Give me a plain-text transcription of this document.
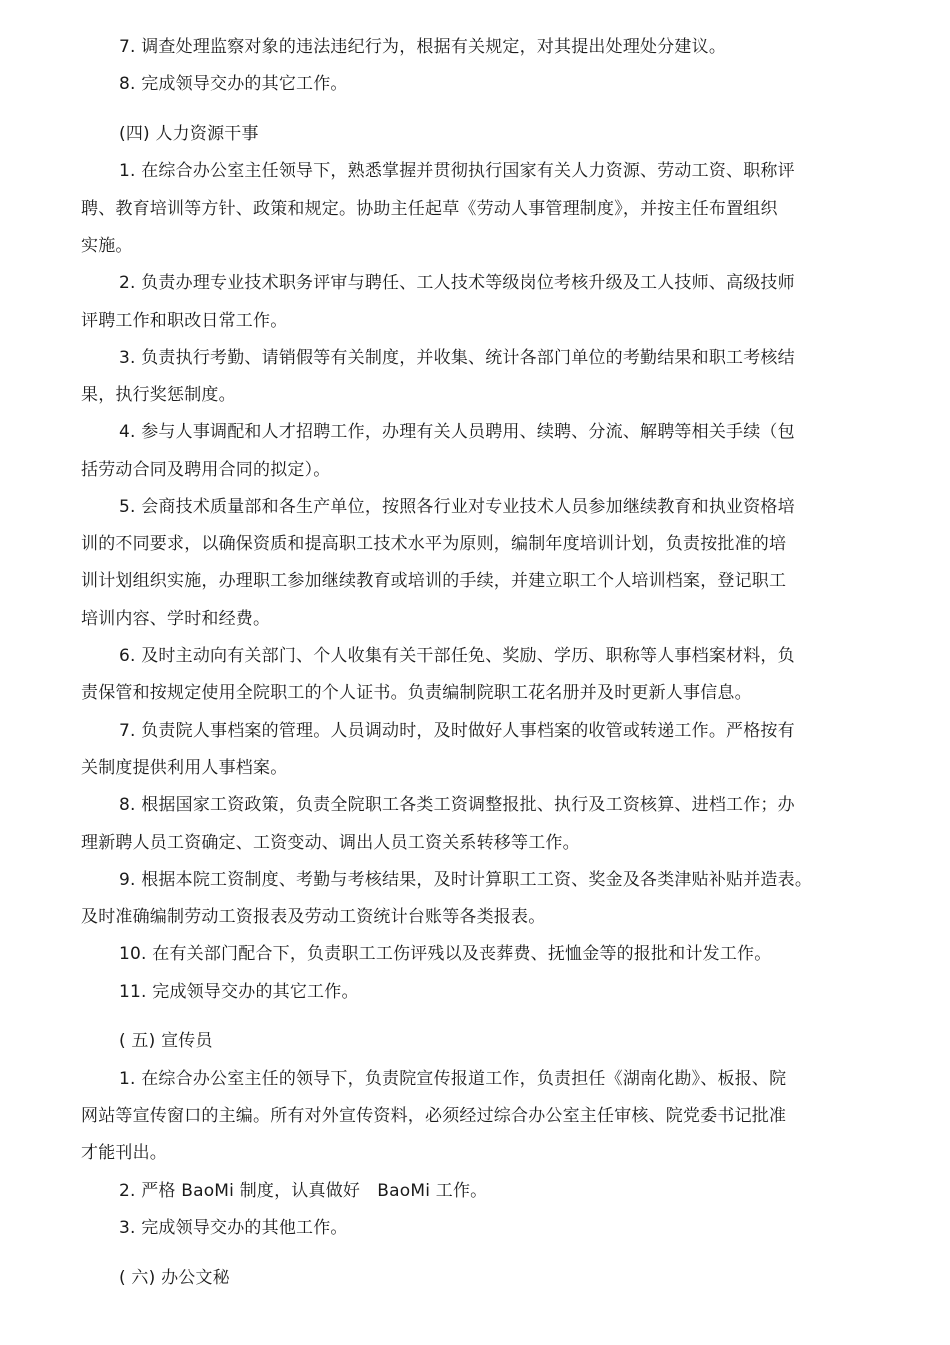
7. 调查处理监察对象的违法违纪行为，根据有关规定，对其提出处理处分建议。
8. 完成领导交办的其它工作。
(四) 人力资源干事
1. 在综合办公室主任领导下，熟悉掌握并贯彻执行国家有关人力资源、劳动工资、职称评
聘、教育培训等方针、政策和规定。协助主任起草《劳动人事管理制度》，并按主任布置组织
实施。
2. 负责办理专业技术职务评审与聘任、工人技术等级岗位考核升级及工人技师、高级技师
评聘工作和职改日常工作。
3. 负责执行考勤、请销假等有关制度，并收集、统计各部门单位的考勤结果和职工考核结
果，执行奖惩制度。
4. 参与人事调配和人才招聘工作，办理有关人员聘用、续聘、分流、解聘等相关手续（包
括劳动合同及聘用合同的拟定）。
5. 会商技术质量部和各生产单位，按照各行业对专业技术人员参加继续教育和执业资格培
训的不同要求，以确保资质和提高职工技术水平为原则，编制年度培训计划，负责按批准的培
训计划组织实施，办理职工参加继续教育或培训的手续，并建立职工个人培训档案，登记职工
培训内容、学时和经费。
6. 及时主动向有关部门、个人收集有关干部任免、奖励、学历、职称等人事档案材料，负
责保管和按规定使用全院职工的个人证书。负责编制院职工花名册并及时更新人事信息。
7. 负责院人事档案的管理。人员调动时，及时做好人事档案的收管或转递工作。严格按有
关制度提供利用人事档案。
8. 根据国家工资政策，负责全院职工各类工资调整报批、执行及工资核算、进档工作；办
理新聘人员工资确定、工资变动、调出人员工资关系转移等工作。
9. 根据本院工资制度、考勤与考核结果，及时计算职工工资、奖金及各类津贴补贴并造表。
及时准确编制劳动工资报表及劳动工资统计台账等各类报表。
10. 在有关部门配合下，负责职工工伤评残以及丧葬费、抚恤金等的报批和计发工作。
11. 完成领导交办的其它工作。
( 五) 宣传员
1. 在综合办公室主任的领导下，负责院宣传报道工作，负责担任《湖南化勘》、板报、院
网站等宣传窗口的主编。所有对外宣传资料，必须经过综合办公室主任审核、院党委书记批准
才能刊出。
2. 严格 BaoMi 制度，认真做好　BaoMi 工作。
3. 完成领导交办的其他工作。
( 六) 办公文秘
